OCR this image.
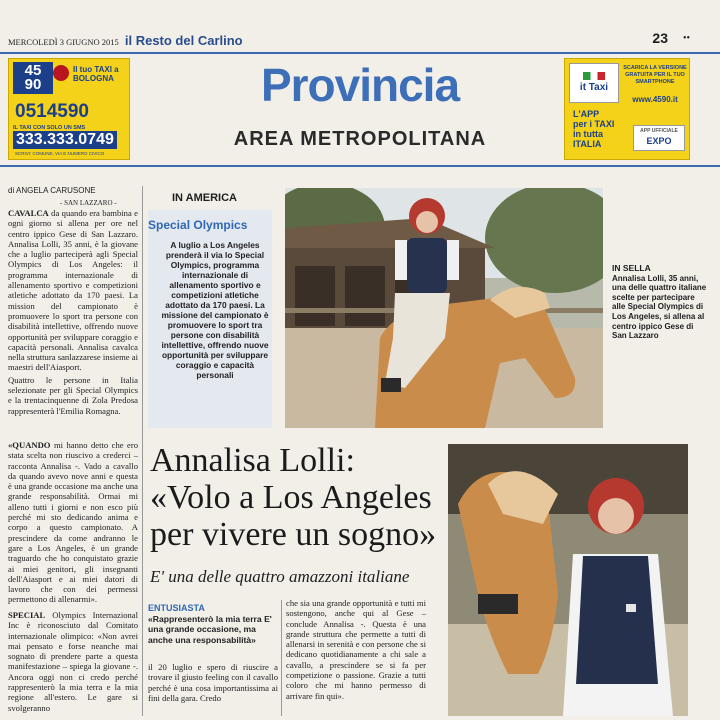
MERCOLEDÌ 3 GIUGNO 2015 il Resto del Carlino	23 ••
45
90
Il tuo TAXI a BOLOGNA
0514590
IL TAXI CON SOLO UN SMS
333.333.0749
SCRIVI: COMUNE, VIA E NUMERO CIVICO
it Taxi
SCARICA LA VERSIONE GRATUITA PER IL TUO SMARTPHONE
www.4590.it
L'APP
per i TAXI
in tutta
ITALIA
APP UFFICIALE
EXPO
Provincia
AREA METROPOLITANA
di ANGELA CARUSONE
- SAN LAZZARO -

CAVALCA da quando era bambina e ogni giorno si allena per ore nel centro ippico Gese di San Lazzaro. Annalisa Lolli, 35 anni, è la giovane che a luglio parteciperà agli Special Olympics di Los Angeles: il programma internazionale di allenamento sportivo e competizioni atletiche adottato da 170 paesi. La mission del campionato è promuovere lo sport tra persone con disabilità intellettive, offrendo nuove opportunità per sviluppare coraggio e capacità personali. Annalisa cavalca nella struttura sanlazzarese insieme ai maestri dell'Aiasport.

Quattro le persone in Italia selezionate per gli Special Olympics e la trentacinquenne di Zola Predosa rappresenterà l'Emilia Romagna.

«QUANDO mi hanno detto che ero stata scelta non riuscivo a crederci – racconta Annalisa -. Vado a cavallo da quando avevo nove anni e questa è una grande occasione ma anche una grande responsabilità. Ormai mi alleno tutti i giorni e non esco più perché mi sto dedicando anima e corpo a questo campionato. A prescindere da come andranno le gare a Los Angeles, è un grande traguardo che ho conquistato grazie ai miei genitori, gli insegnanti dell'Aiasport e ai miei datori di lavoro che con dei permessi permettono di allenarmi».

SPECIAL Olympics Internazional Inc è riconosciuto dal Comitato internazionale olimpico: «Non avrei mai pensato e forse neanche mai sognato di prendere parte a questa manifestazione – spiega la giovane -. Ancora oggi non ci credo perché rappresenterò la mia terra e la mia regione all'estero. Le gare si svolgeranno

IN AMERICA
Special Olympics
A luglio a Los Angeles prenderà il via lo Special Olympics, programma internazionale di allenamento sportivo e competizioni atletiche adottato da 170 paesi. La missione del campionato è promuovere lo sport tra persone con disabilità intellettive, offrendo nuove opportunità per sviluppare coraggio e capacità personali
IN SELLA
Annalisa Lolli, 35 anni, una delle quattro italiane scelte per partecipare alle Special Olympics di Los Angeles, si allena al centro ippico Gese di San Lazzaro
Annalisa Lolli:
«Volo a Los Angeles
per vivere un sogno»
E' una delle quattro amazzoni italiane
ENTUSIASTA
«Rappresenterò la mia terra E' una grande occasione, ma anche una responsabilità»
il 20 luglio e spero di riuscire a trovare il giusto feeling con il cavallo perché è una cosa importantissima ai fini della gara. Credo
che sia una grande opportunità e tutti mi sostengono, anche qui al Gese – conclude Annalisa -. Questa è una grande struttura che permette a tutti di allenarsi in serenità e con persone che si dedicano quotidianamente a chi sale a cavallo, a prescindere se si fa per competizione o passione. Grazie a tutti coloro che mi hanno permesso di arrivare fin qui».
